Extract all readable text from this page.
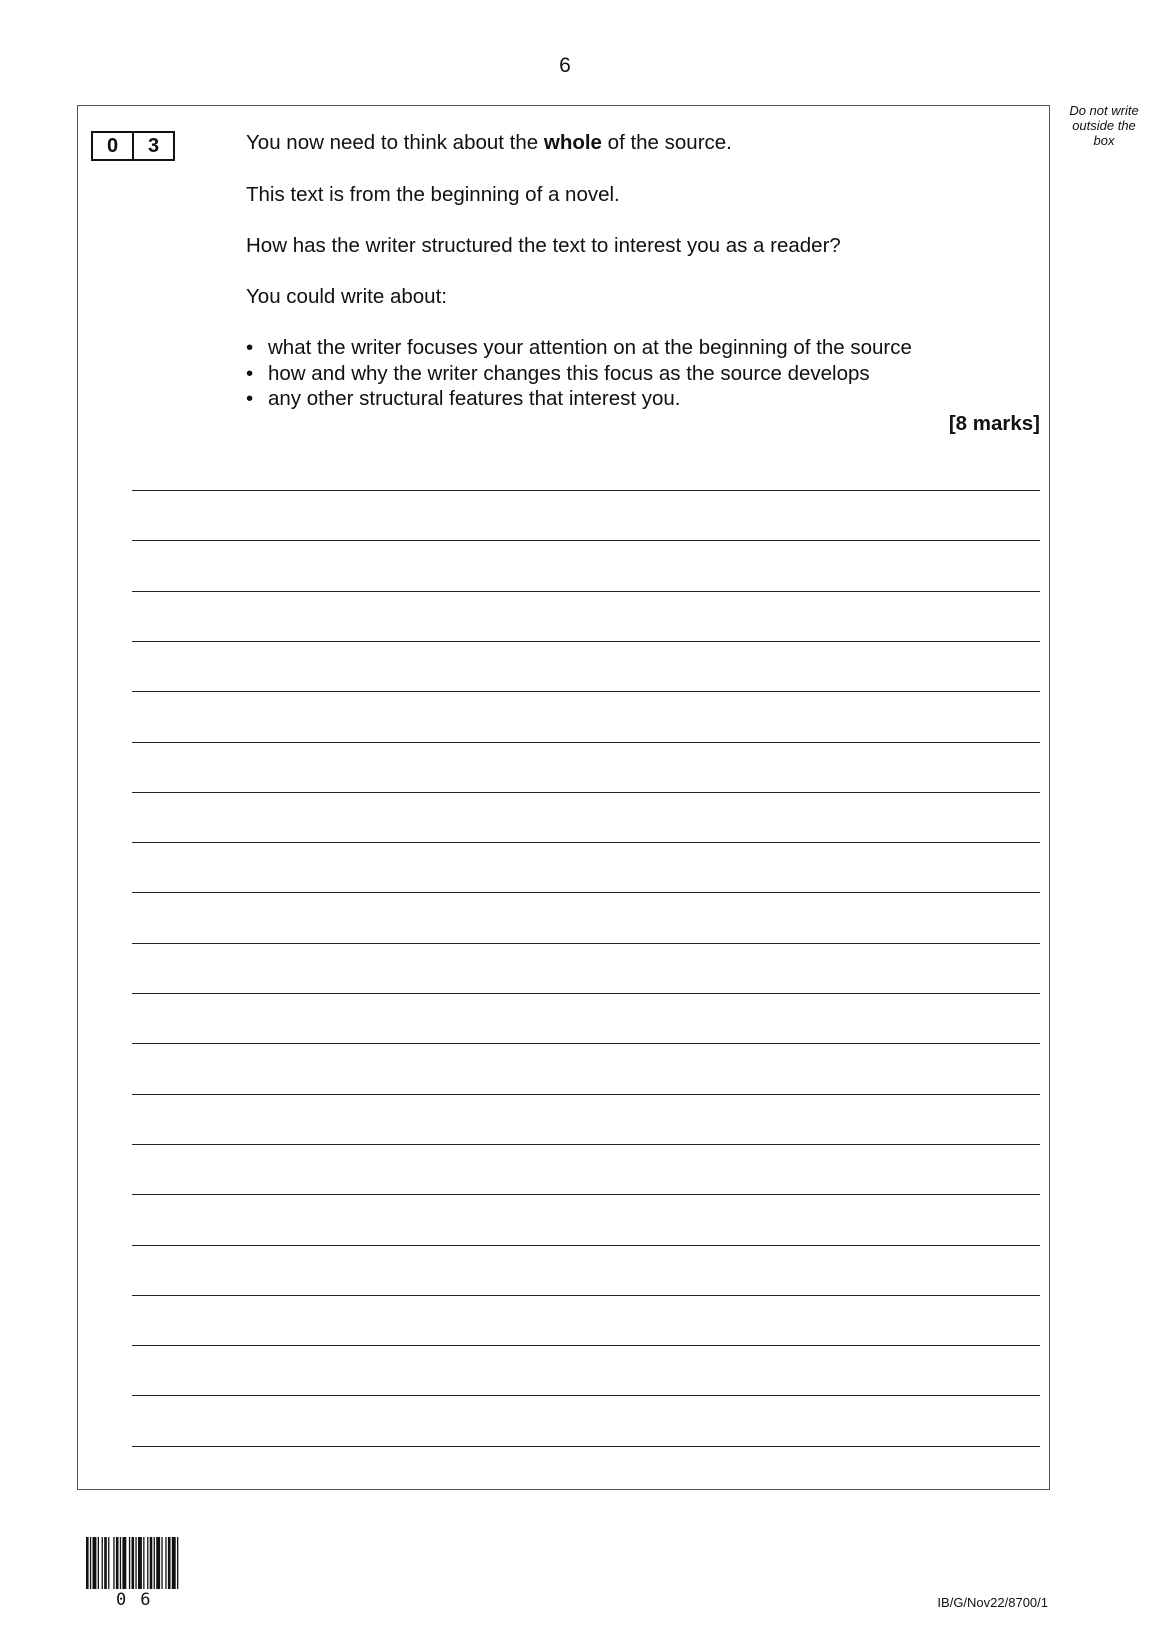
6
Do not write
outside the
box
0	3	You now need to think about the whole of the source.
This text is from the beginning of a novel.
How has the writer structured the text to interest you as a reader?
You could write about:
• what the writer focuses your attention on at the beginning of the source
• how and why the writer changes this focus as the source develops
• any other structural features that interest you.
[8 marks]
06	IB/G/Nov22/8700/1
